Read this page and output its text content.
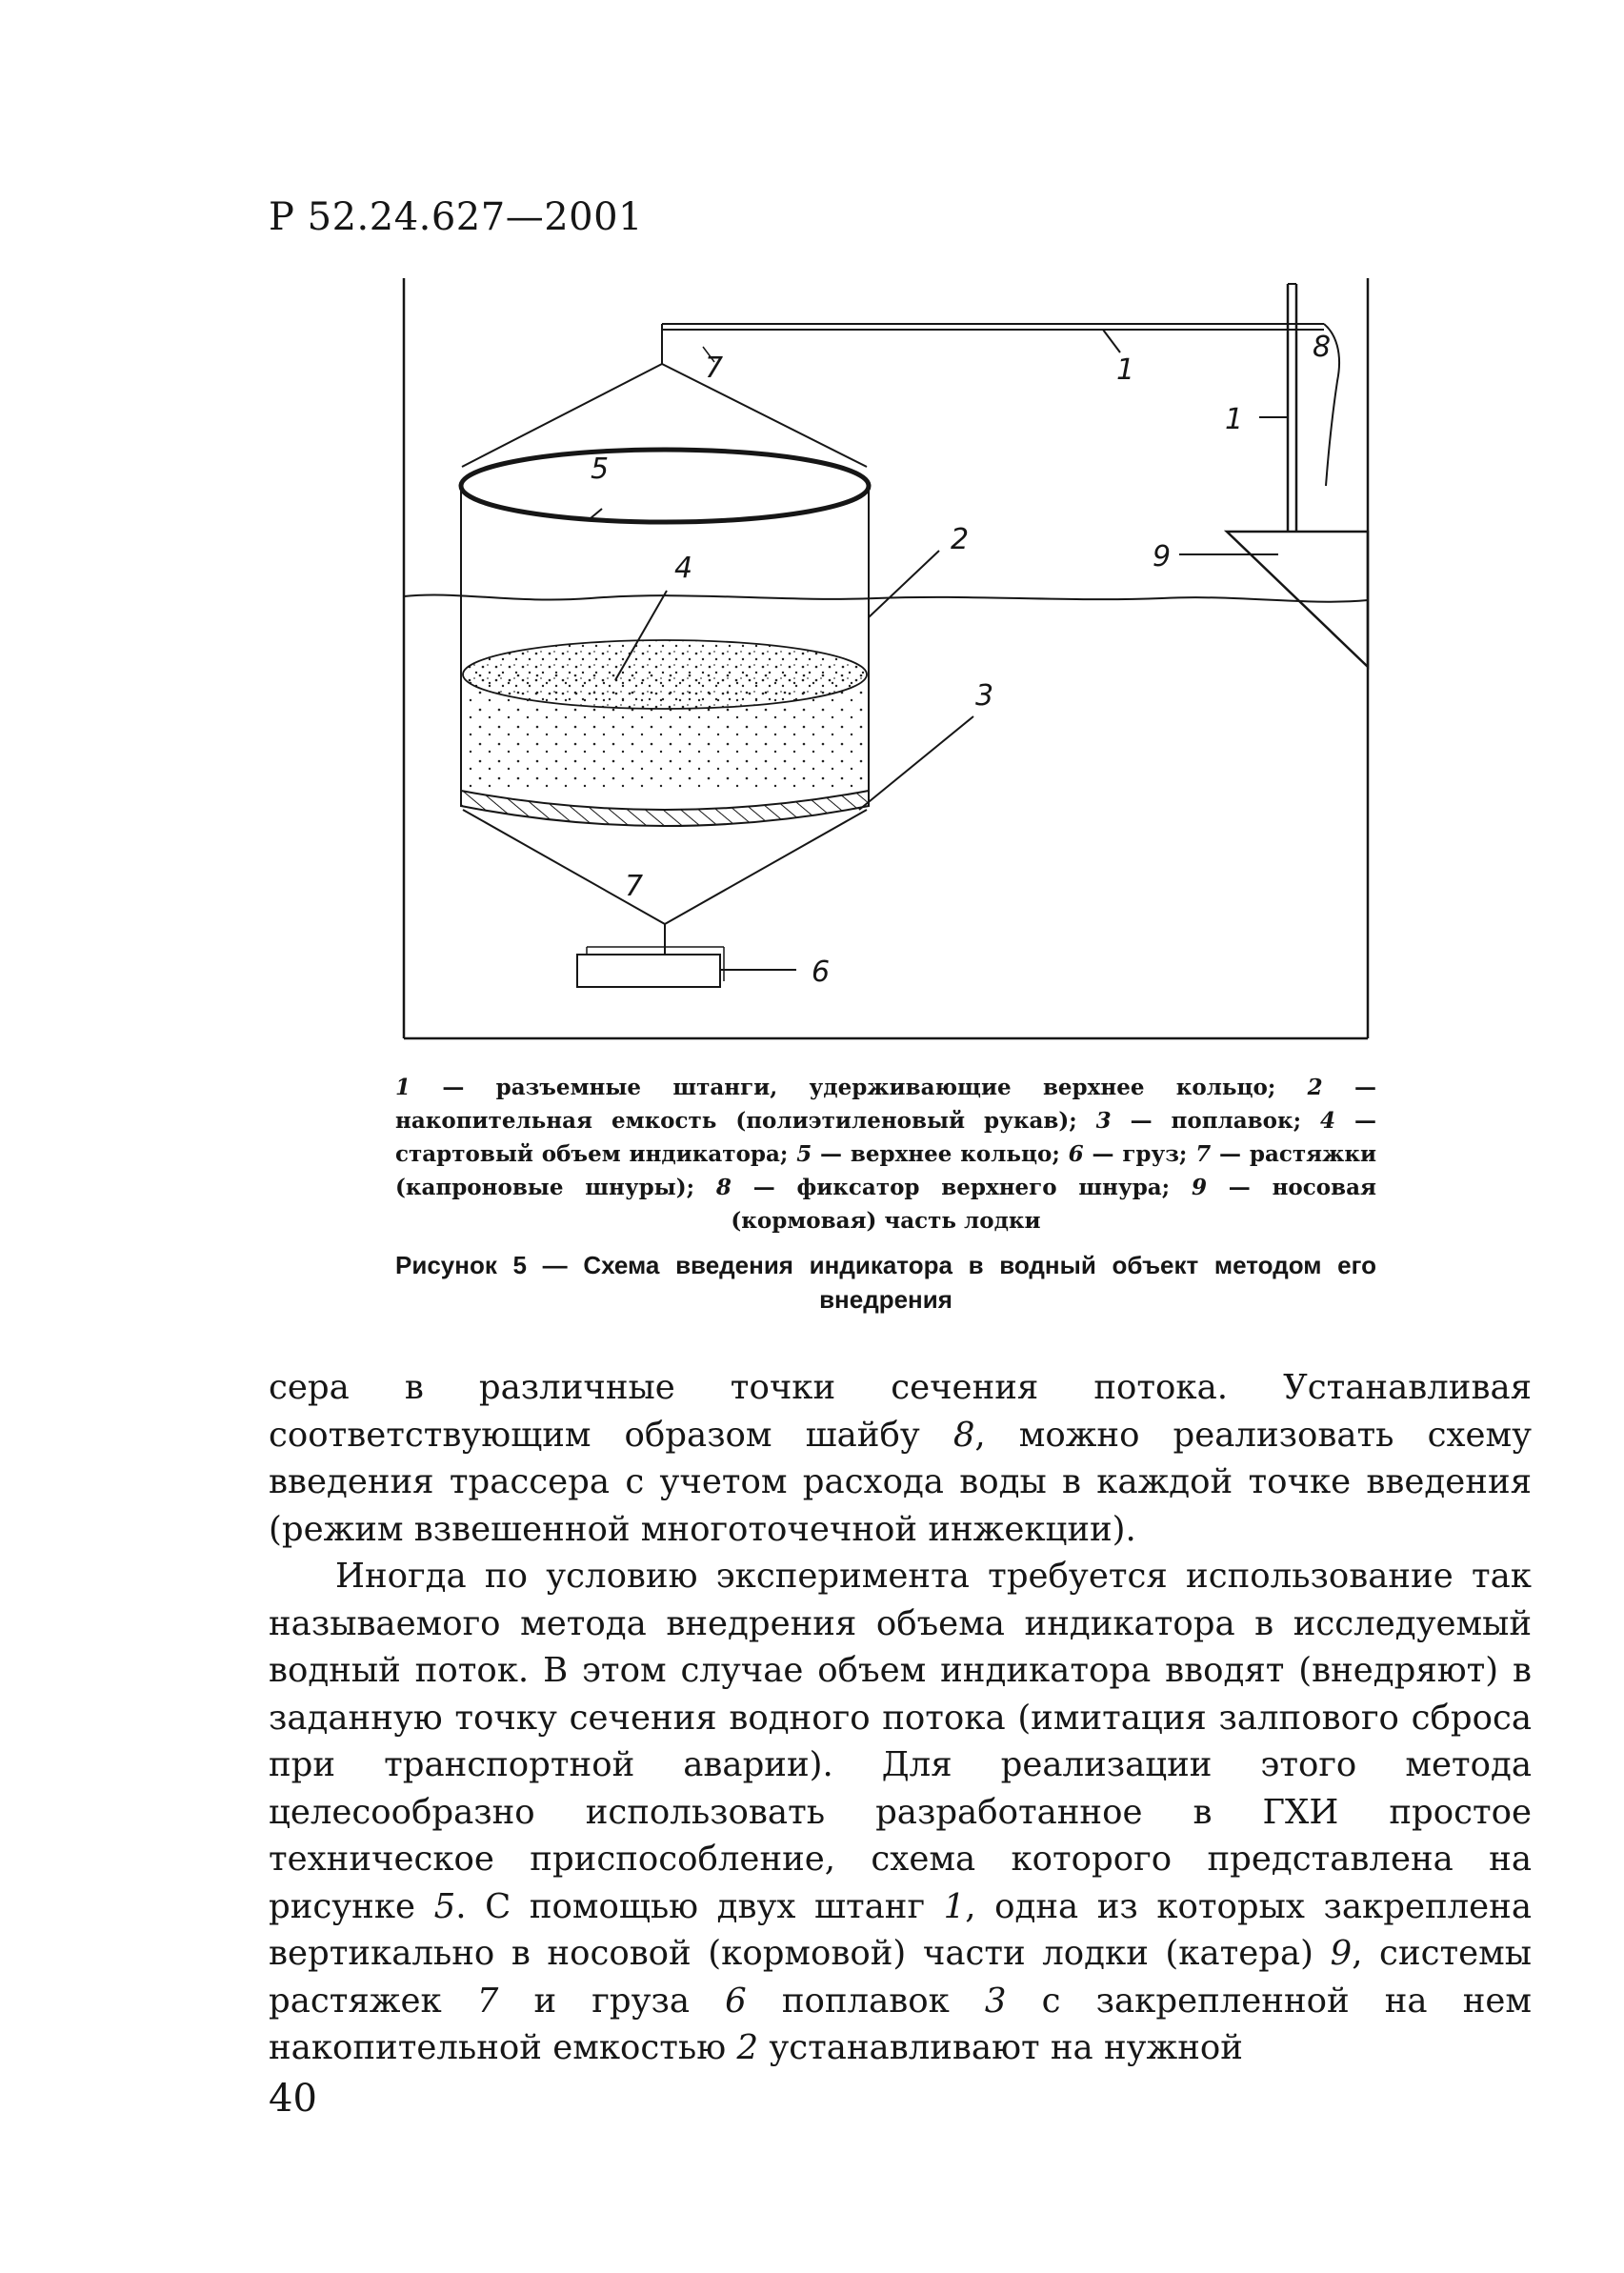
Р 52.24.627—2001
7	1
8
1
5
9
2
4
3
7
6

1 — разъемные штанги, удерживающие верхнее кольцо; 2 — накопительная емкость (полиэтиленовый рукав); 3 — поплавок; 4 — стартовый объем индикатора; 5 — верхнее кольцо; 6 — груз; 7 — растяжки (капроновые шнуры); 8 — фиксатор верхнего шнура; 9 — носовая (кормовая) часть лодки

Рисунок 5 — Схема введения индикатора в водный объект методом его внедрения

сера в различные точки сечения потока. Устанавливая соответствующим образом шайбу 8, можно реализовать схему введения трассера с учетом расхода воды в каждой точке введения (режим взвешенной многоточечной инжекции).

Иногда по условию эксперимента требуется использование так называемого метода внедрения объема индикатора в исследуемый водный поток. В этом случае объем индикатора вводят (внедряют) в заданную точку сечения водного потока (имитация залпового сброса при транспортной аварии). Для реализации этого метода целесообразно использовать разработанное в ГХИ простое техническое приспособление, схема которого представлена на рисунке 5. С помощью двух штанг 1, одна из которых закреплена вертикально в носовой (кормовой) части лодки (катера) 9, системы растяжек 7 и груза 6 поплавок 3 с закрепленной на нем накопительной емкостью 2 устанавливают на нужной

40
